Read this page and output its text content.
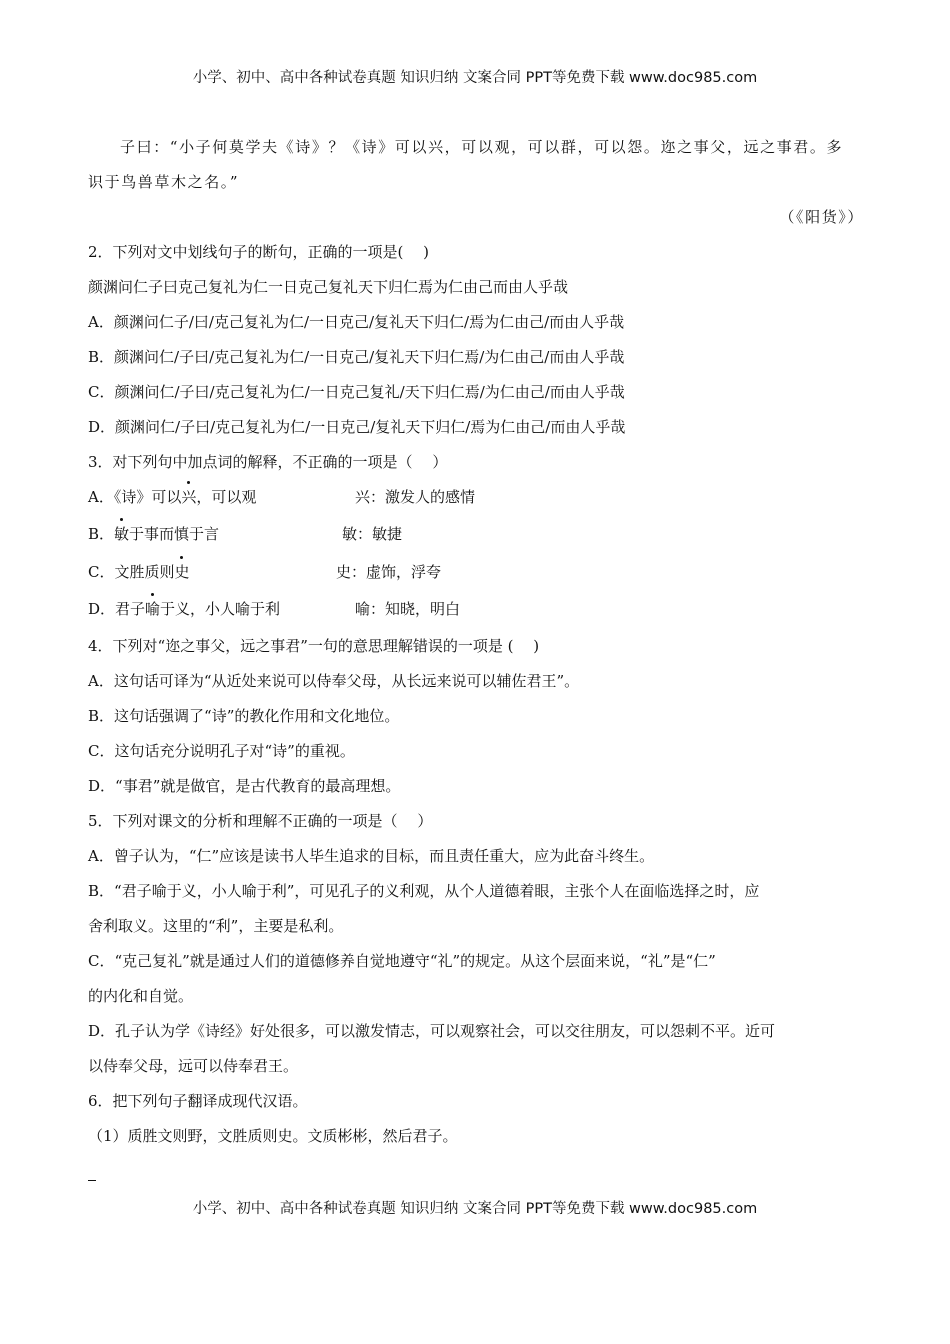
小学、初中、高中各种试卷真题 知识归纳 文案合同 PPT等免费下载 www.doc985.com
子曰：“小子何莫学夫《诗》？《诗》可以兴，可以观，可以群，可以怨。迩之事父，远之事君。多
识于鸟兽草木之名。”
（《阳货》）
2．下列对文中划线句子的断句，正确的一项是(　 )
颜渊问仁子曰克己复礼为仁一日克己复礼天下归仁焉为仁由己而由人乎哉
A．颜渊问仁子/曰/克己复礼为仁/一日克己/复礼天下归仁/焉为仁由己/而由人乎哉
B．颜渊问仁/子曰/克己复礼为仁/一日克己/复礼天下归仁焉/为仁由己/而由人乎哉
C．颜渊问仁/子曰/克己复礼为仁/一日克己复礼/天下归仁焉/为仁由己/而由人乎哉
D．颜渊问仁/子曰/克己复礼为仁/一日克己/复礼天下归仁/焉为仁由己/而由人乎哉
3．对下列句中加点词的解释，不正确的一项是（　 ）
A．《诗》可以兴，可以观	兴：激发人的感情
B．敏于事而慎于言	敏：敏捷
C．文胜质则史	史：虚饰，浮夸
D．君子喻于义，小人喻于利	喻：知晓，明白
4．下列对“迩之事父，远之事君”一句的意思理解错误的一项是 (　 )
A．这句话可译为“从近处来说可以侍奉父母，从长远来说可以辅佐君王”。
B．这句话强调了“诗”的教化作用和文化地位。
C．这句话充分说明孔子对“诗”的重视。
D．“事君”就是做官，是古代教育的最高理想。
5．下列对课文的分析和理解不正确的一项是（　 ）
A．曾子认为，“仁”应该是读书人毕生追求的目标，而且责任重大，应为此奋斗终生。
B．“君子喻于义，小人喻于利”，可见孔子的义利观，从个人道德着眼，主张个人在面临选择之时，应
舍利取义。这里的“利”，主要是私利。
C．“克己复礼”就是通过人们的道德修养自觉地遵守“礼”的规定。从这个层面来说，“礼”是“仁”
的内化和自觉。
D．孔子认为学《诗经》好处很多，可以激发情志，可以观察社会，可以交往朋友，可以怨刺不平。近可
以侍奉父母，远可以侍奉君王。
6．把下列句子翻译成现代汉语。
（1）质胜文则野，文胜质则史。文质彬彬，然后君子。
小学、初中、高中各种试卷真题 知识归纳 文案合同 PPT等免费下载 www.doc985.com
